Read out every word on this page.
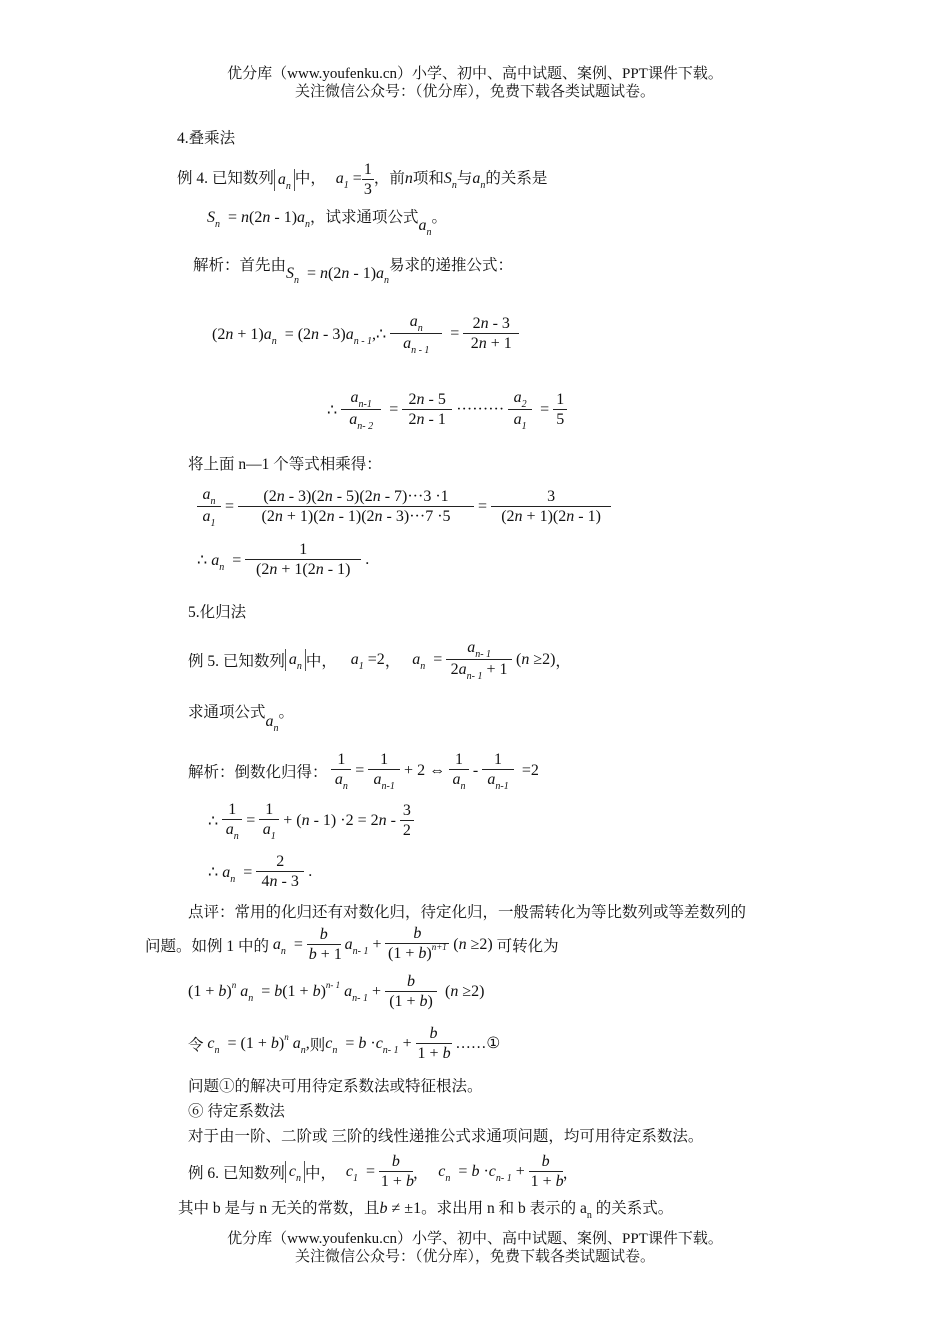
优分库（www.youfenku.cn）小学、初中、高中试题、案例、PPT课件下载。
关注微信公众号：（优分库），免费下载各类试题试卷。
4.叠乘法
例 4. 已知数列 $a_n$ 中， $a_1 = \frac{1}{3}$ ，前n项和$S_n$与$a_n$的关系是
$S_n = n(2n - 1)a_n$，试求通项公式$a_n$。
解析：首先由$S_n = n(2n - 1)a_n$易求的递推公式：
$(2n + 1)a_n = (2n$ - $3)a_{n - 1},\therefore \frac{a_n}{a_{n - 1}} = \frac{2n - 3}{2n + 1}$
∴ $\frac{a_{n-1}}{a_{n- 2}} = \frac{2n - 5}{2n - 1}$ ········· $\frac{a_2}{a_1} = \frac{1}{5}$
将上面 n—1 个等式相乘得：
$\frac{a_n}{a_1} = \frac{(2n - 3)(2n - 5)(2n - 7)\cdot\cdot\cdot 3 \cdot 1}{(2n + 1)(2n - 1)(2n - 3)\cdot\cdot\cdot 7 \cdot 5} = \frac{3}{(2n + 1)(2n - 1)}$
∴ $a_n = \frac{1}{(2n + 1(2n - 1)}$ .
5.化归法
例 5. 已知数列 $a_n$ 中， $a_1 =2$， $a_n = \frac{a_{n- 1}}{2a_{n- 1} + 1} (n \ge 2)$，
求通项公式$a_n$。
解析：倒数化归得： $\frac{1}{a_n} = \frac{1}{a_{n-1}} + 2$ ⇔ $\frac{1}{a_n} - \frac{1}{a_{n-1}} =2$
∴ $\frac{1}{a_n} = \frac{1}{a_1} + (n - 1) \cdot 2 = 2n - \frac{3}{2}$
∴ $a_n = \frac{2}{4n - 3}$ .
点评：常用的化归还有对数化归，待定化归，一般需转化为等比数列或等差数列的
问题。如例 1 中的 $a_n = \frac{b}{b + 1} a_{n- 1} + \frac{b}{(1 + b)^{n+1}} (n \ge 2)$ 可转化为
$(1 + b)^n$ $a_n = b(1 + b)^{n- 1}$ $a_{n- 1} + \frac{b}{(1 + b)} (n \ge 2)$
令 $c_n = (1 + b)^n$ $a_n$,则$c_n = b \cdot c_{n- 1} + \frac{b}{1 + b}$ ……①
问题①的解决可用待定系数法或特征根法。
⑥ 待定系数法
对于由一阶、二阶或 三阶的线性递推公式求通项问题，均可用待定系数法。
例 6. 已知数列 $c_n$ 中， $c_1 = \frac{b}{1 + b}$ ， $c_n = b \cdot c_{n- 1} + \frac{b}{1 + b}$ ，
其中 b 是与 n 无关的常数，且b ≠ ±1。求出用 n 和 b 表示的 $a_n$ 的关系式。
优分库（www.youfenku.cn）小学、初中、高中试题、案例、PPT课件下载。
关注微信公众号：（优分库），免费下载各类试题试卷。
